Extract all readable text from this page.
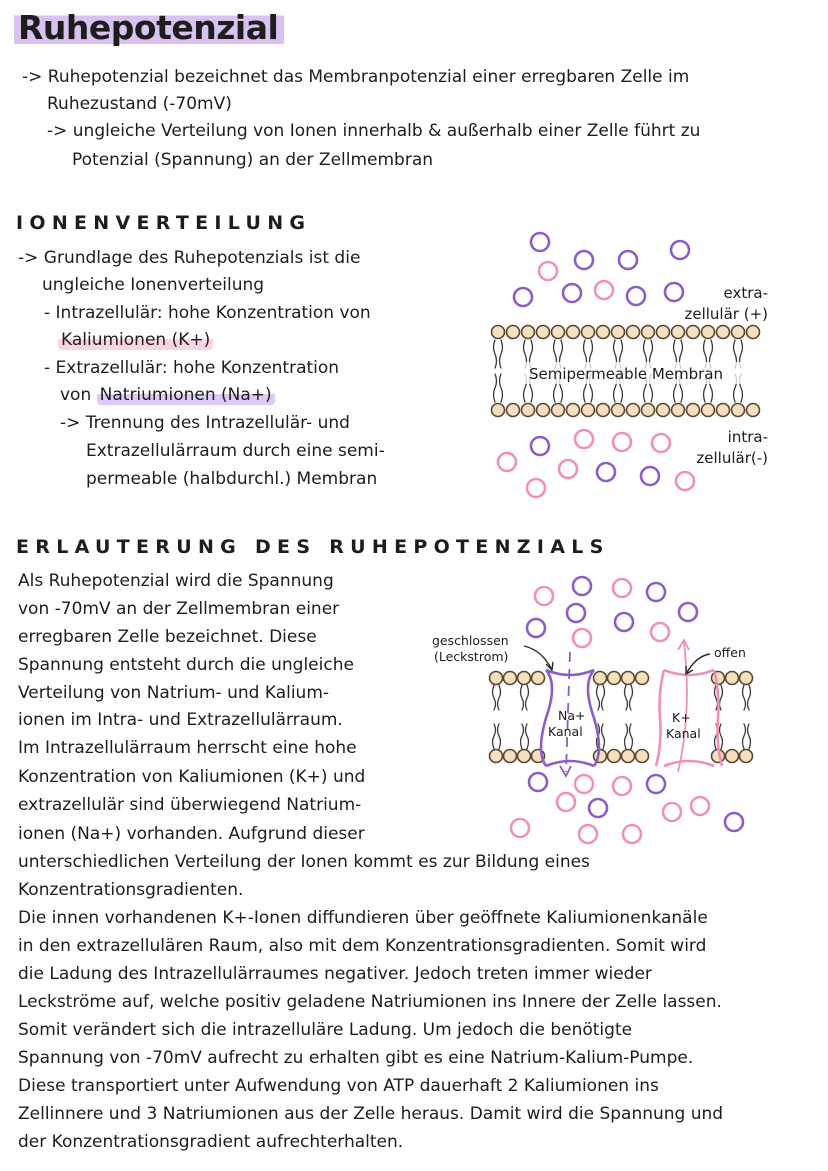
Ruhepotenzial
-> Ruhepotenzial bezeichnet das Membranpotenzial einer erregbaren Zelle im
Ruhezustand (-70mV)
-> ungleiche Verteilung von Ionen innerhalb & außerhalb einer Zelle führt zu
Potenzial (Spannung) an der Zellmembran
IONENVERTEILUNG
-> Grundlage des Ruhepotenzials ist die
ungleiche Ionenverteilung
- Intrazellulär: hohe Konzentration von
Kaliumionen (K+)
- Extrazellulär: hohe Konzentration
von Natriumionen (Na+)
-> Trennung des Intrazellulär- und
Extrazellulärraum durch eine semi-
permeable (halbdurchl.) Membran
Semipermeable Membran
extra-
zellulär (+)
intra-
zellulär(-)
ERLAUTERUNG DES RUHEPOTENZIALS
Als Ruhepotenzial wird die Spannung
von -70mV an der Zellmembran einer
erregbaren Zelle bezeichnet. Diese
Spannung entsteht durch die ungleiche
Verteilung von Natrium- und Kalium-
ionen im Intra- und Extrazellulärraum.
Im Intrazellulärraum herrscht eine hohe
Konzentration von Kaliumionen (K+) und
extrazellulär sind überwiegend Natrium-
ionen (Na+) vorhanden. Aufgrund dieser
unterschiedlichen Verteilung der Ionen kommt es zur Bildung eines
Konzentrationsgradienten.
Die innen vorhandenen K+-Ionen diffundieren über geöffnete Kaliumionenkanäle
in den extrazellulären Raum, also mit dem Konzentrationsgradienten. Somit wird
die Ladung des Intrazellulärraumes negativer. Jedoch treten immer wieder
Leckströme auf, welche positiv geladene Natriumionen ins Innere der Zelle lassen.
Somit verändert sich die intrazelluläre Ladung. Um jedoch die benötigte
Spannung von -70mV aufrecht zu erhalten gibt es eine Natrium-Kalium-Pumpe.
Diese transportiert unter Aufwendung von ATP dauerhaft 2 Kaliumionen ins
Zellinnere und 3 Natriumionen aus der Zelle heraus. Damit wird die Spannung und
der Konzentrationsgradient aufrechterhalten.
geschlossen
(Leckstrom)	offen
Na+
Kanal
K+
Kanal
